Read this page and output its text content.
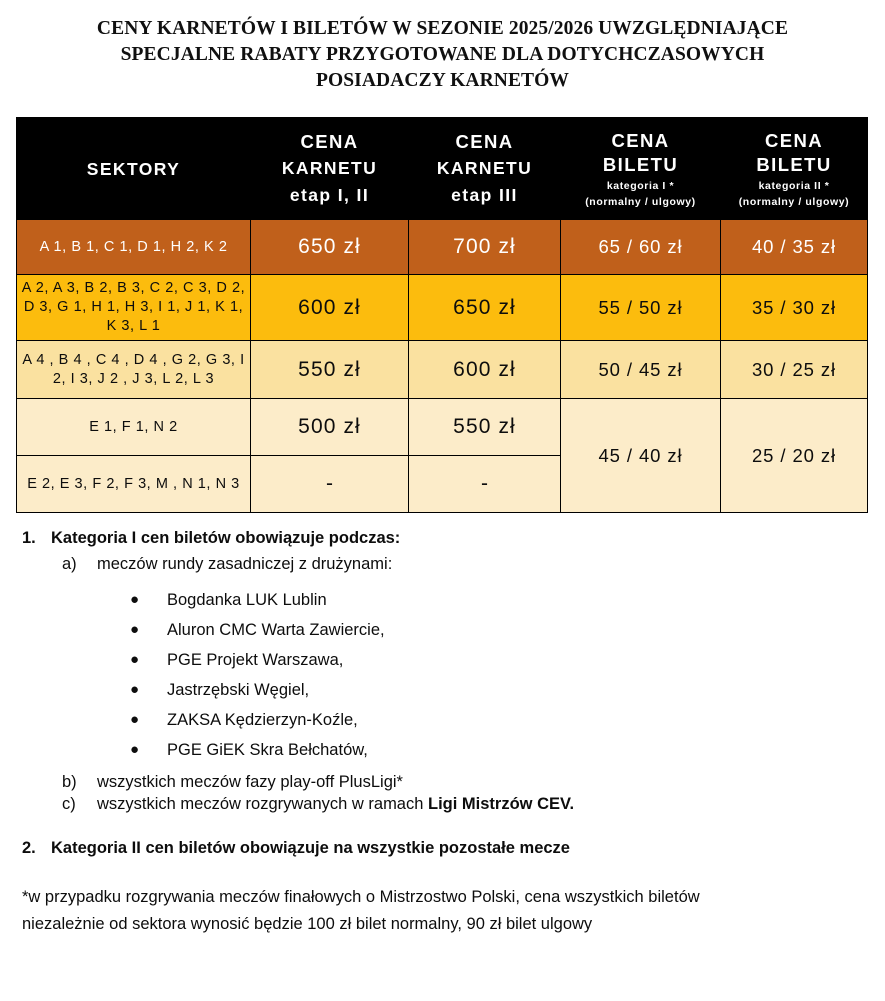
CENY KARNETÓW I BILETÓW W SEZONIE 2025/2026 UWZGLĘDNIAJĄCE
SPECJALNE RABATY PRZYGOTOWANE DLA DOTYCHCZASOWYCH
POSIADACZY KARNETÓW
SEKTORY

CENA
KARNETU
etap I, II

CENA
KARNETU
etap III

CENA
BILETU
kategoria I *
(normalny / ulgowy)

CENA
BILETU
kategoria II *
(normalny / ulgowy)

A 1, B 1, C 1, D 1, H 2, K 2	650 zł	700 zł	65 / 60 zł	40 / 35 zł
A 2, A 3, B 2, B 3, C 2, C 3, D 2, D 3, G 1, H 1, H 3, I 1, J 1, K 1, K 3, L 1	600 zł	650 zł	55 / 50 zł	35 / 30 zł
A 4 , B 4 , C 4 , D 4 , G 2, G 3, I 2, I 3, J 2 , J 3, L 2, L 3	550 zł	600 zł	50 / 45 zł	30 / 25 zł
E 1, F 1, N 2	500 zł	550 zł	45 / 40 zł	25 / 20 zł
E 2, E 3, F 2, F 3, M , N 1, N 3	-	-		
1. Kategoria I cen biletów obowiązuje podczas:
a)	meczów rundy zasadniczej z drużynami:
●	Bogdanka LUK Lublin
●	Aluron CMC Warta Zawiercie,
●	PGE Projekt Warszawa,
●	Jastrzębski Węgiel,
●	ZAKSA Kędzierzyn-Koźle,
●	PGE GiEK Skra Bełchatów,
b)	wszystkich meczów fazy play-off PlusLigi*
c)	wszystkich meczów rozgrywanych w ramach Ligi Mistrzów CEV.
2. Kategoria II cen biletów obowiązuje na wszystkie pozostałe mecze
*w przypadku rozgrywania meczów finałowych o Mistrzostwo Polski, cena wszystkich biletów
niezależnie od sektora wynosić będzie 100 zł bilet normalny, 90 zł bilet ulgowy
